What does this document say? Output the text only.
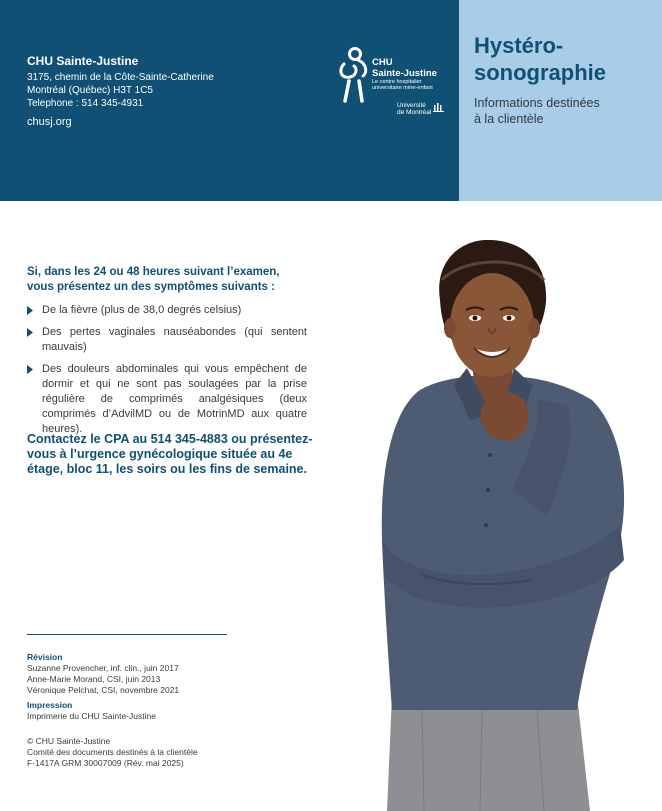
CHU Sainte-Justine
3175, chemin de la Côte-Sainte-Catherine
Montréal (Québec) H3T 1C5
Telephone : 514 345-4931
chusj.org
CHU
Sainte-Justine
Le centre hospitalier
universitaire mère-enfant
Université
de Montréal
Hystéro-
sonographie
Informations destinées
à la clientèle
Si, dans les 24 ou 48 heures suivant l’examen, vous présentez un des symptômes suivants :
De la fièvre (plus de 38,0 degrés celsius)
Des pertes vaginales nauséabondes (qui sentent mauvais)
Des douleurs abdominales qui vous empêchent de dormir et qui ne sont pas soulagées par la prise régulière de comprimés analgésiques (deux comprimés d’AdvilMD ou de MotrinMD aux quatre heures).
Contactez le CPA au 514 345-4883 ou présentez-vous à l’urgence gynécologique située au 4e étage, bloc 11, les soirs ou les fins de semaine.
Révision
Suzanne Provencher, inf. clin., juin 2017
Anne-Marie Morand, CSI, juin 2013
Véronique Pelchat, CSI, novembre 2021
Impression
Imprimerie du CHU Sainte-Justine
© CHU Sainte-Justine
Comité des documents destinés à la clientèle
F-1417A GRM 30007009 (Rév. mai 2025)
